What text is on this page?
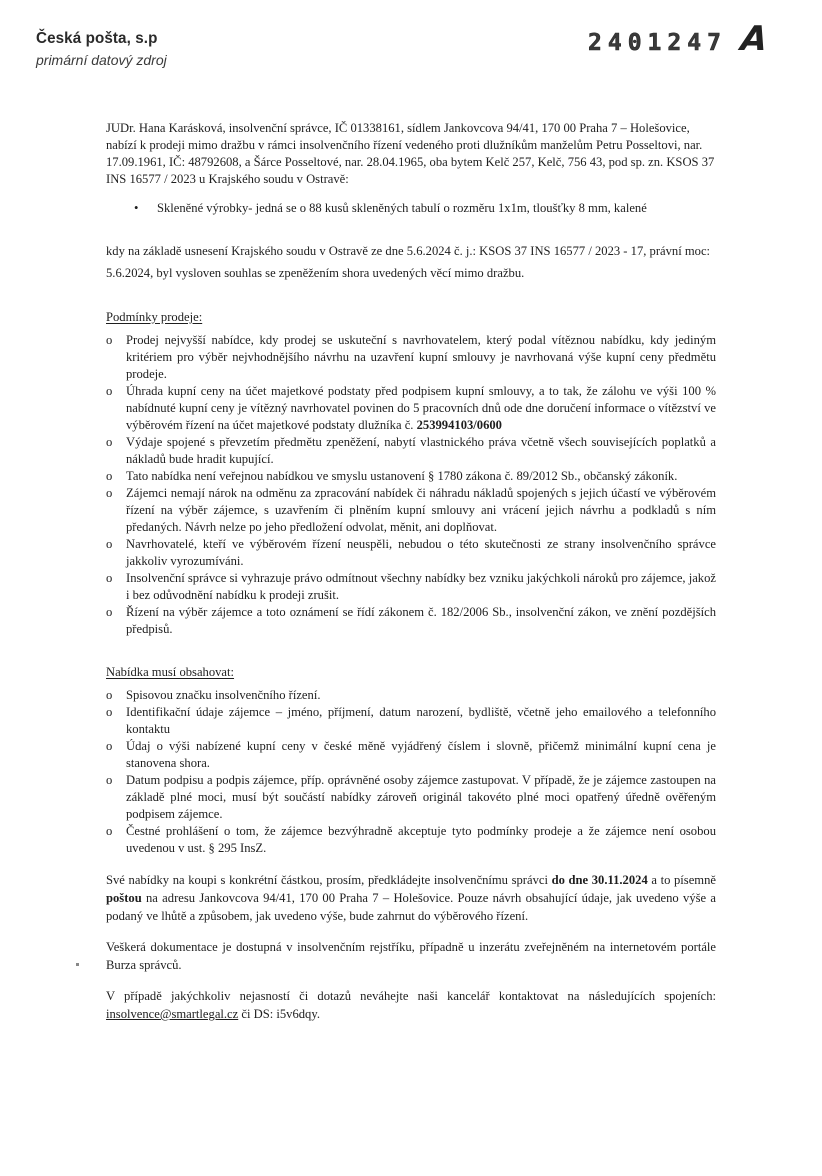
Česká pošta, s.p
primární datový zdroj
2401247 A

JUDr. Hana Karásková, insolvenční správce, IČ 01338161, sídlem Jankovcova 94/41, 170 00 Praha 7 – Holešovice, nabízí k prodeji mimo dražbu v rámci insolvenčního řízení vedeného proti dlužníkům manželům Petru Posseltovi, nar. 17.09.1961, IČ: 48792608, a Šárce Posseltové, nar. 28.04.1965, oba bytem Kelč 257, Kelč, 756 43, pod sp. zn. KSOS 37 INS 16577 / 2023 u Krajského soudu v Ostravě:

• Skleněné výrobky- jedná se o 88 kusů skleněných tabulí o rozměru 1x1m, tloušťky 8 mm, kalené

kdy na základě usnesení Krajského soudu v Ostravě ze dne 5.6.2024 č. j.: KSOS 37 INS 16577 / 2023 - 17, právní moc: 5.6.2024, byl vysloven souhlas se zpeněžením shora uvedených věcí mimo dražbu.

Podmínky prodeje:
o Prodej nejvyšší nabídce, kdy prodej se uskuteční s navrhovatelem, který podal vítěznou nabídku, kdy jediným kritériem pro výběr nejvhodnějšího návrhu na uzavření kupní smlouvy je navrhovaná výše kupní ceny předmětu prodeje.
o Úhrada kupní ceny na účet majetkové podstaty před podpisem kupní smlouvy, a to tak, že zálohu ve výši 100 % nabídnuté kupní ceny je vítězný navrhovatel povinen do 5 pracovních dnů ode dne doručení informace o vítězství ve výběrovém řízení na účet majetkové podstaty dlužníka č. 253994103/0600
o Výdaje spojené s převzetím předmětu zpeněžení, nabytí vlastnického práva včetně všech souvisejících poplatků a nákladů bude hradit kupující.
o Tato nabídka není veřejnou nabídkou ve smyslu ustanovení § 1780 zákona č. 89/2012 Sb., občanský zákoník.
o Zájemci nemají nárok na odměnu za zpracování nabídek či náhradu nákladů spojených s jejich účastí ve výběrovém řízení na výběr zájemce, s uzavřením či plněním kupní smlouvy ani vrácení jejich návrhu a podkladů s ním předaných. Návrh nelze po jeho předložení odvolat, měnit, ani doplňovat.
o Navrhovatelé, kteří ve výběrovém řízení neuspěli, nebudou o této skutečnosti ze strany insolvenčního správce jakkoliv vyrozumíváni.
o Insolvenční správce si vyhrazuje právo odmítnout všechny nabídky bez vzniku jakýchkoli nároků pro zájemce, jakož i bez odůvodnění nabídku k prodeji zrušit.
o Řízení na výběr zájemce a toto oznámení se řídí zákonem č. 182/2006 Sb., insolvenční zákon, ve znění pozdějších předpisů.
Nabídka musí obsahovat:
o Spisovou značku insolvenčního řízení.
o Identifikační údaje zájemce – jméno, příjmení, datum narození, bydliště, včetně jeho emailového a telefonního kontaktu
o Údaj o výši nabízené kupní ceny v české měně vyjádřený číslem i slovně, přičemž minimální kupní cena je stanovena shora.
o Datum podpisu a podpis zájemce, příp. oprávněné osoby zájemce zastupovat. V případě, že je zájemce zastoupen na základě plné moci, musí být součástí nabídky zároveň originál takovéto plné moci opatřený úředně ověřeným podpisem zájemce.
o Čestné prohlášení o tom, že zájemce bezvýhradně akceptuje tyto podmínky prodeje a že zájemce není osobou uvedenou v ust. § 295 InsZ.

Své nabídky na koupi s konkrétní částkou, prosím, předkládejte insolvenčnímu správci do dne 30.11.2024 a to písemně poštou na adresu Jankovcova 94/41, 170 00 Praha 7 – Holešovice. Pouze návrh obsahující údaje, jak uvedeno výše a podaný ve lhůtě a způsobem, jak uvedeno výše, bude zahrnut do výběrového řízení.

Veškerá dokumentace je dostupná v insolvenčním rejstříku, případně u inzerátu zveřejněném na internetovém portále Burza správců.

V případě jakýchkoliv nejasností či dotazů neváhejte naši kancelář kontaktovat na následujících spojeních: insolvence@smartlegal.cz či DS: i5v6dqy.
